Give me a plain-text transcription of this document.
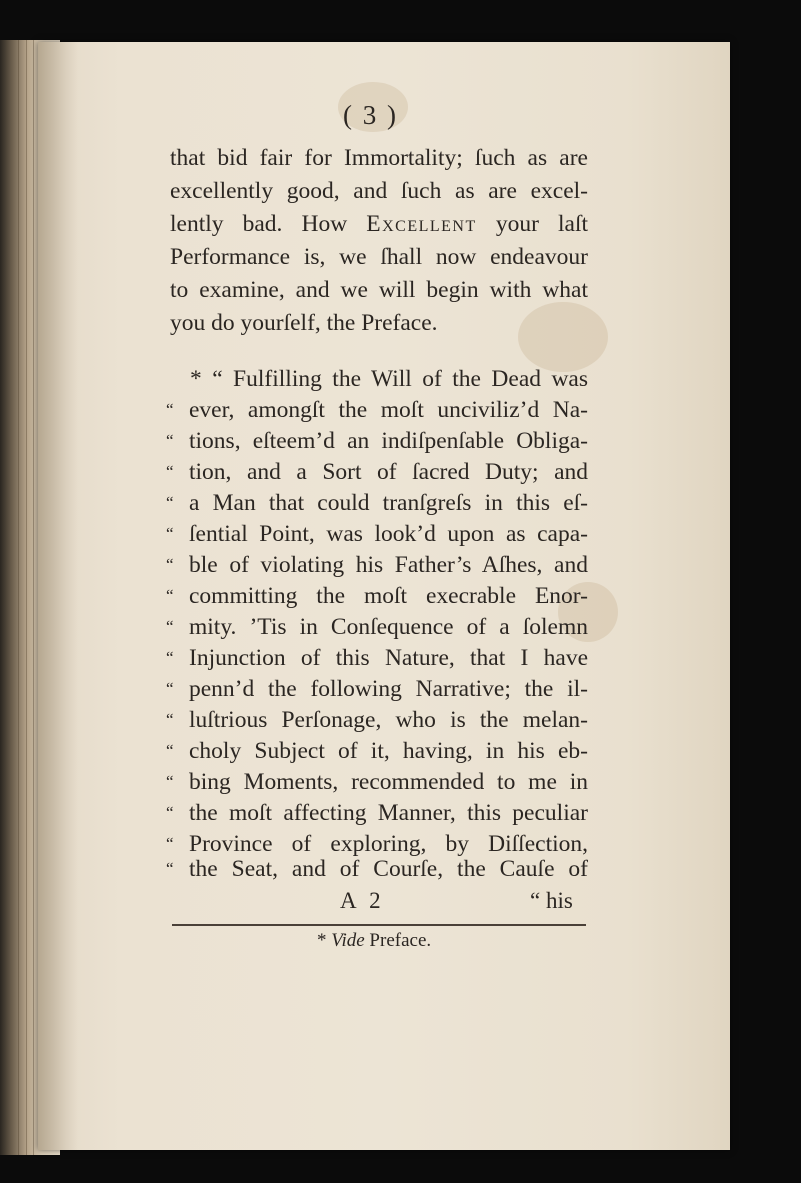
( 3 )
that bid fair for Immortality; ſuch as are
excellently good, and ſuch as are excel-
lently bad. How Excellent your laſt
Performance is, we ſhall now endeavour
to examine, and we will begin with what
you do yourſelf, the Preface.
* “ Fulfilling the Will of the Dead was
“ ever, amongſt the moſt unciviliz’d Na-
“ tions, eſteem’d an indiſpenſable Obliga-
“ tion, and a Sort of ſacred Duty; and
“ a Man that could tranſgreſs in this eſ-
“ ſential Point, was look’d upon as capa-
“ ble of violating his Father’s Aſhes, and
“ committing the moſt execrable Enor-
“ mity. ’Tis in Conſequence of a ſolemn
“ Injunction of this Nature, that I have
“ penn’d the following Narrative; the il-
“ luſtrious Perſonage, who is the melan-
“ choly Subject of it, having, in his eb-
“ bing Moments, recommended to me in
“ the moſt affecting Manner, this peculiar
“ Province of exploring, by Diſſection,
“ the Seat, and of Courſe, the Cauſe of
A 2	“ his
* Vide Preface.
